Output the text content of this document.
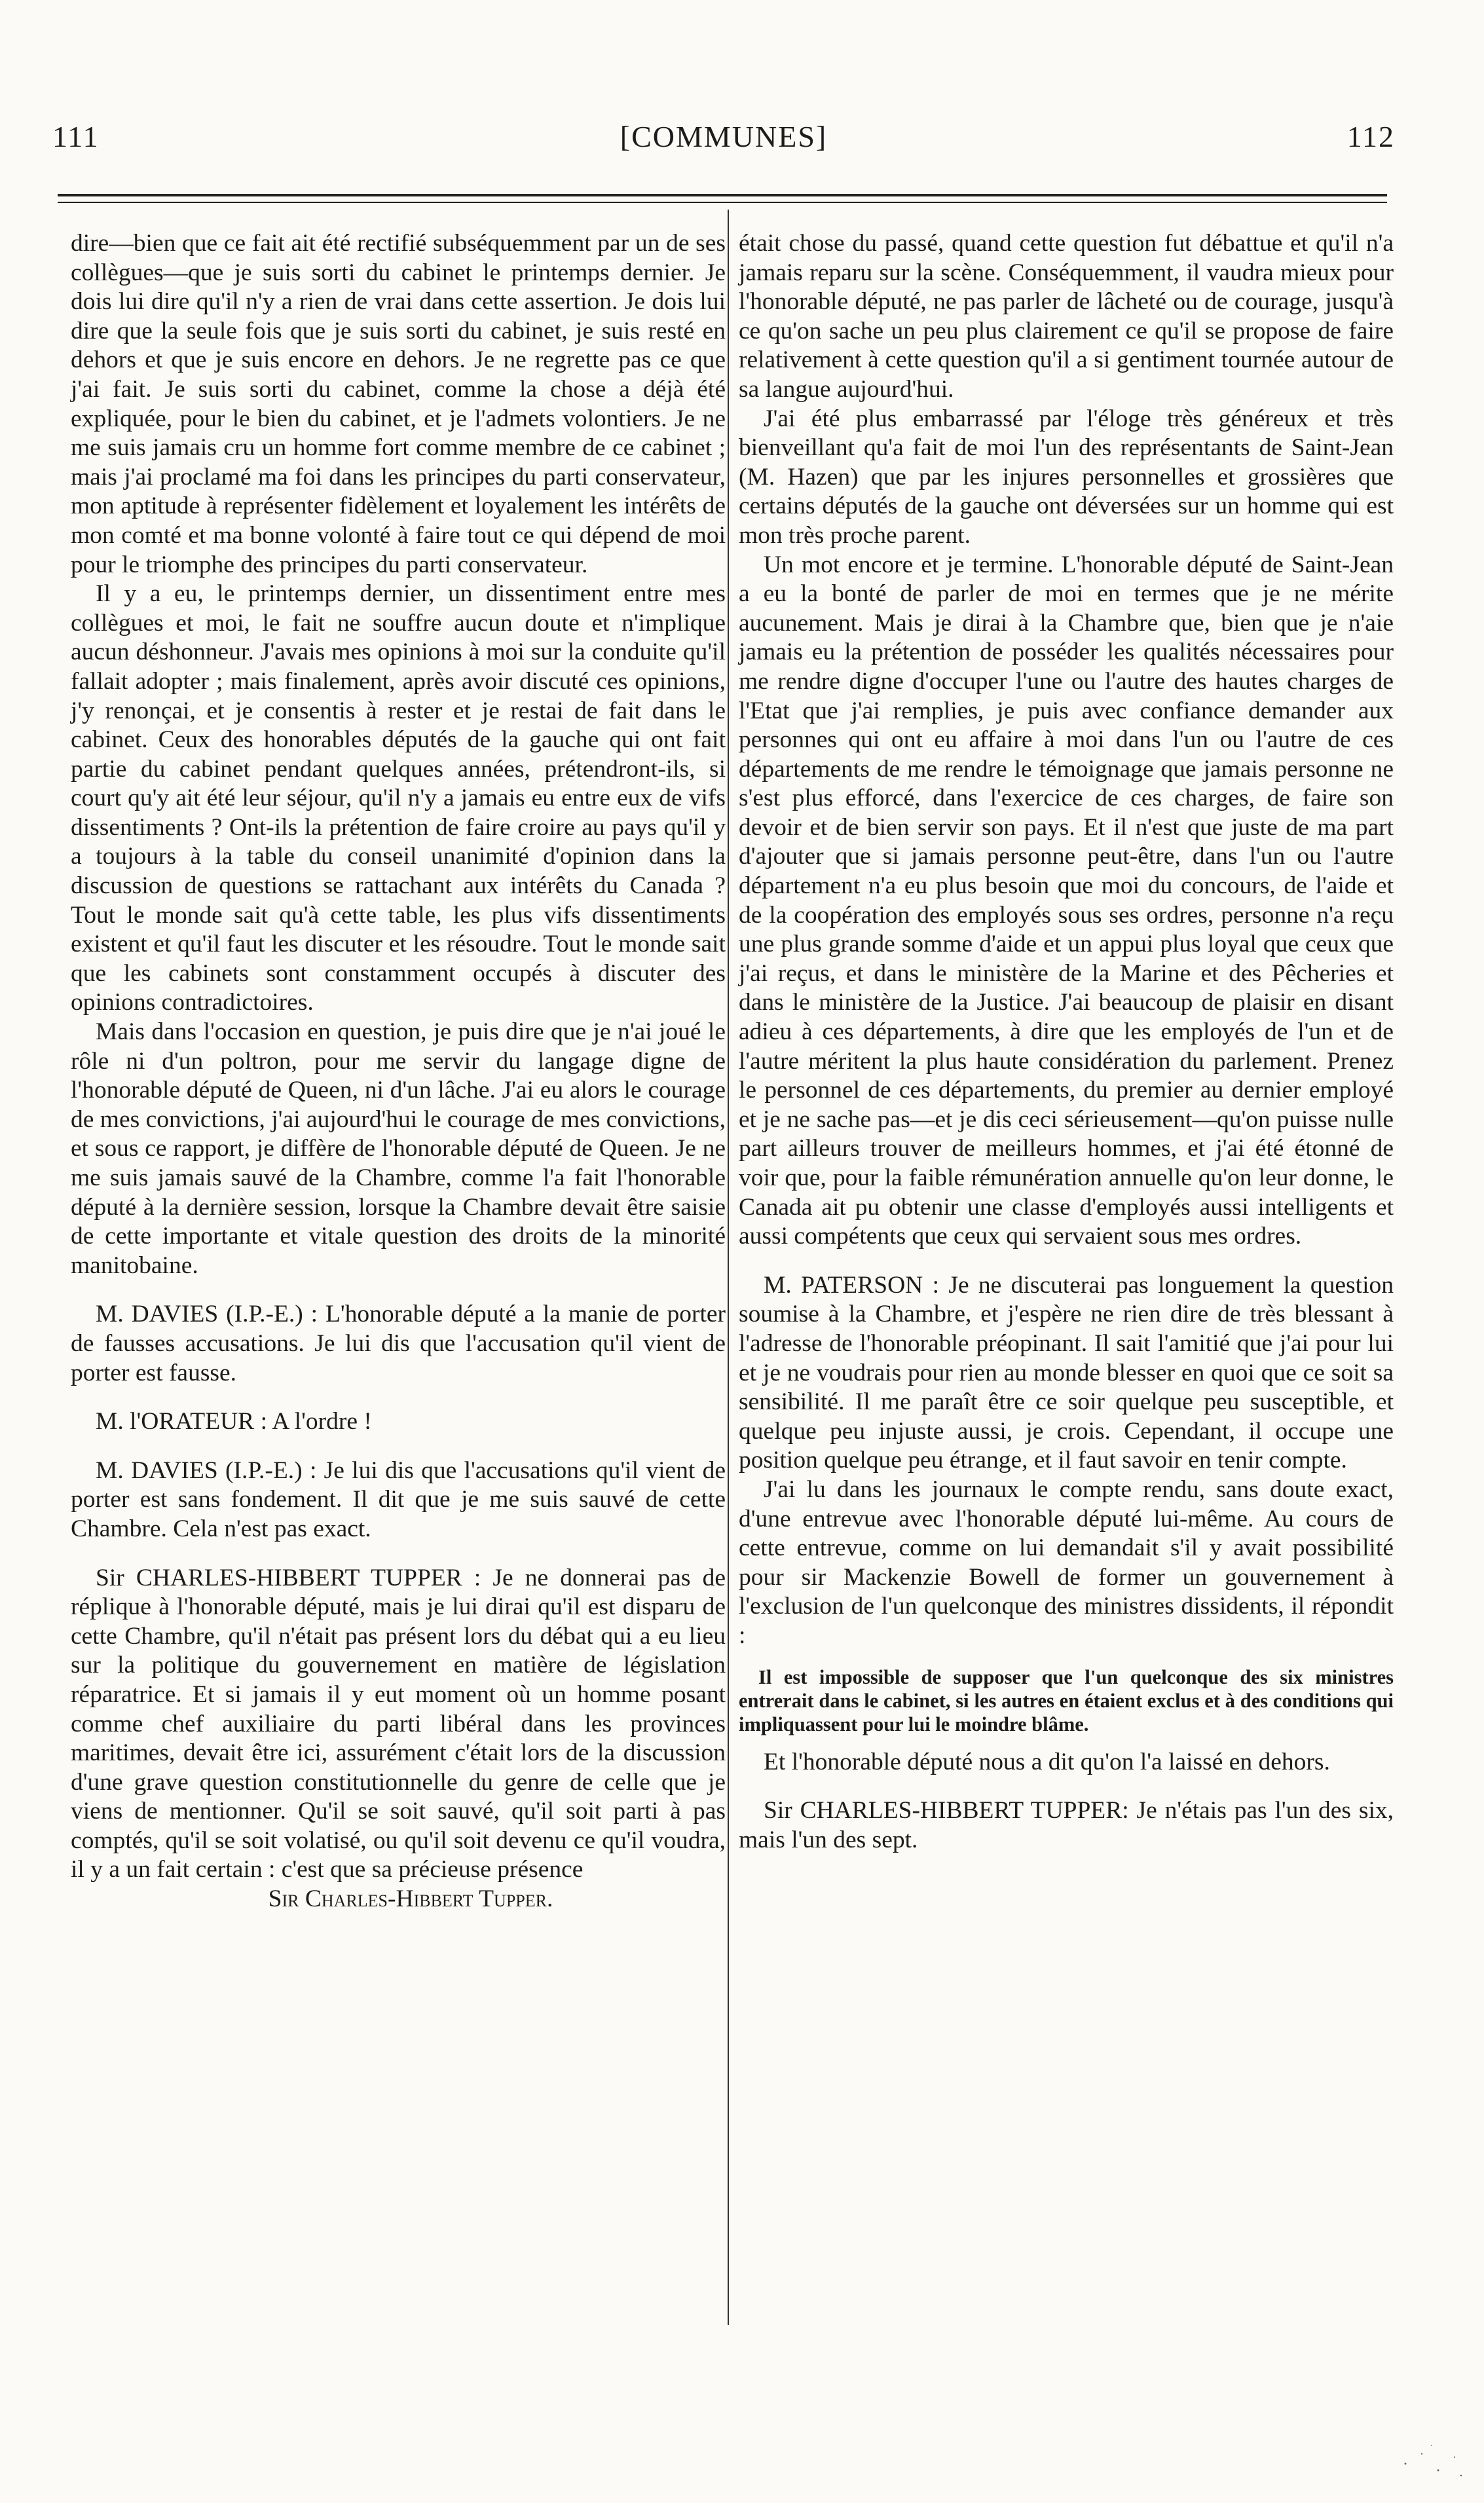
111	[COMMUNES]	112

dire—bien que ce fait ait été rectifié subséquemment par un de ses collègues—que je suis sorti du cabinet le printemps dernier. Je dois lui dire qu'il n'y a rien de vrai dans cette assertion. Je dois lui dire que la seule fois que je suis sorti du cabinet, je suis resté en dehors et que je suis encore en dehors. Je ne regrette pas ce que j'ai fait. Je suis sorti du cabinet, comme la chose a déjà été expliquée, pour le bien du cabinet, et je l'admets volontiers. Je ne me suis jamais cru un homme fort comme membre de ce cabinet ; mais j'ai proclamé ma foi dans les principes du parti conservateur, mon aptitude à représenter fidèlement et loyalement les intérêts de mon comté et ma bonne volonté à faire tout ce qui dépend de moi pour le triomphe des principes du parti conservateur.

Il y a eu, le printemps dernier, un dissentiment entre mes collègues et moi, le fait ne souffre aucun doute et n'implique aucun déshonneur. J'avais mes opinions à moi sur la conduite qu'il fallait adopter ; mais finalement, après avoir discuté ces opinions, j'y renonçai, et je consentis à rester et je restai de fait dans le cabinet. Ceux des honorables députés de la gauche qui ont fait partie du cabinet pendant quelques années, prétendront-ils, si court qu'y ait été leur séjour, qu'il n'y a jamais eu entre eux de vifs dissentiments ? Ont-ils la prétention de faire croire au pays qu'il y a toujours à la table du conseil unanimité d'opinion dans la discussion de questions se rattachant aux intérêts du Canada ? Tout le monde sait qu'à cette table, les plus vifs dissentiments existent et qu'il faut les discuter et les résoudre. Tout le monde sait que les cabinets sont constamment occupés à discuter des opinions contradictoires.

Mais dans l'occasion en question, je puis dire que je n'ai joué le rôle ni d'un poltron, pour me servir du langage digne de l'honorable député de Queen, ni d'un lâche. J'ai eu alors le courage de mes convictions, j'ai aujourd'hui le courage de mes convictions, et sous ce rapport, je diffère de l'honorable député de Queen. Je ne me suis jamais sauvé de la Chambre, comme l'a fait l'honorable député à la dernière session, lorsque la Chambre devait être saisie de cette importante et vitale question des droits de la minorité manitobaine.

M. DAVIES (I.P.-E.) : L'honorable député a la manie de porter de fausses accusations. Je lui dis que l'accusation qu'il vient de porter est fausse.

M. l'ORATEUR : A l'ordre !

M. DAVIES (I.P.-E.) : Je lui dis que l'accusations qu'il vient de porter est sans fondement. Il dit que je me suis sauvé de cette Chambre. Cela n'est pas exact.

Sir CHARLES-HIBBERT TUPPER : Je ne donnerai pas de réplique à l'honorable député, mais je lui dirai qu'il est disparu de cette Chambre, qu'il n'était pas présent lors du débat qui a eu lieu sur la politique du gouvernement en matière de législation réparatrice. Et si jamais il y eut moment où un homme posant comme chef auxiliaire du parti libéral dans les provinces maritimes, devait être ici, assurément c'était lors de la discussion d'une grave question constitutionnelle du genre de celle que je viens de mentionner. Qu'il se soit sauvé, qu'il soit parti à pas comptés, qu'il se soit volatisé, ou qu'il soit devenu ce qu'il voudra, il y a un fait certain : c'est que sa précieuse présence

Sir Charles-Hibbert Tupper.

était chose du passé, quand cette question fut débattue et qu'il n'a jamais reparu sur la scène. Conséquemment, il vaudra mieux pour l'honorable député, ne pas parler de lâcheté ou de courage, jusqu'à ce qu'on sache un peu plus clairement ce qu'il se propose de faire relativement à cette question qu'il a si gentiment tournée autour de sa langue aujourd'hui.

J'ai été plus embarrassé par l'éloge très généreux et très bienveillant qu'a fait de moi l'un des représentants de Saint-Jean (M. Hazen) que par les injures personnelles et grossières que certains députés de la gauche ont déversées sur un homme qui est mon très proche parent.

Un mot encore et je termine. L'honorable député de Saint-Jean a eu la bonté de parler de moi en termes que je ne mérite aucunement. Mais je dirai à la Chambre que, bien que je n'aie jamais eu la prétention de posséder les qualités nécessaires pour me rendre digne d'occuper l'une ou l'autre des hautes charges de l'Etat que j'ai remplies, je puis avec confiance demander aux personnes qui ont eu affaire à moi dans l'un ou l'autre de ces départements de me rendre le témoignage que jamais personne ne s'est plus efforcé, dans l'exercice de ces charges, de faire son devoir et de bien servir son pays. Et il n'est que juste de ma part d'ajouter que si jamais personne peut-être, dans l'un ou l'autre département n'a eu plus besoin que moi du concours, de l'aide et de la coopération des employés sous ses ordres, personne n'a reçu une plus grande somme d'aide et un appui plus loyal que ceux que j'ai reçus, et dans le ministère de la Marine et des Pêcheries et dans le ministère de la Justice. J'ai beaucoup de plaisir en disant adieu à ces départements, à dire que les employés de l'un et de l'autre méritent la plus haute considération du parlement. Prenez le personnel de ces départements, du premier au dernier employé et je ne sache pas—et je dis ceci sérieusement—qu'on puisse nulle part ailleurs trouver de meilleurs hommes, et j'ai été étonné de voir que, pour la faible rémunération annuelle qu'on leur donne, le Canada ait pu obtenir une classe d'employés aussi intelligents et aussi compétents que ceux qui servaient sous mes ordres.

M. PATERSON : Je ne discuterai pas longuement la question soumise à la Chambre, et j'espère ne rien dire de très blessant à l'adresse de l'honorable préopinant. Il sait l'amitié que j'ai pour lui et je ne voudrais pour rien au monde blesser en quoi que ce soit sa sensibilité. Il me paraît être ce soir quelque peu susceptible, et quelque peu injuste aussi, je crois. Cependant, il occupe une position quelque peu étrange, et il faut savoir en tenir compte.

J'ai lu dans les journaux le compte rendu, sans doute exact, d'une entrevue avec l'honorable député lui-même. Au cours de cette entrevue, comme on lui demandait s'il y avait possibilité pour sir Mackenzie Bowell de former un gouvernement à l'exclusion de l'un quelconque des ministres dissidents, il répondit :

Il est impossible de supposer que l'un quelconque des six ministres entrerait dans le cabinet, si les autres en étaient exclus et à des conditions qui impliquassent pour lui le moindre blâme.

Et l'honorable député nous a dit qu'on l'a laissé en dehors.

Sir CHARLES-HIBBERT TUPPER: Je n'étais pas l'un des six, mais l'un des sept.
